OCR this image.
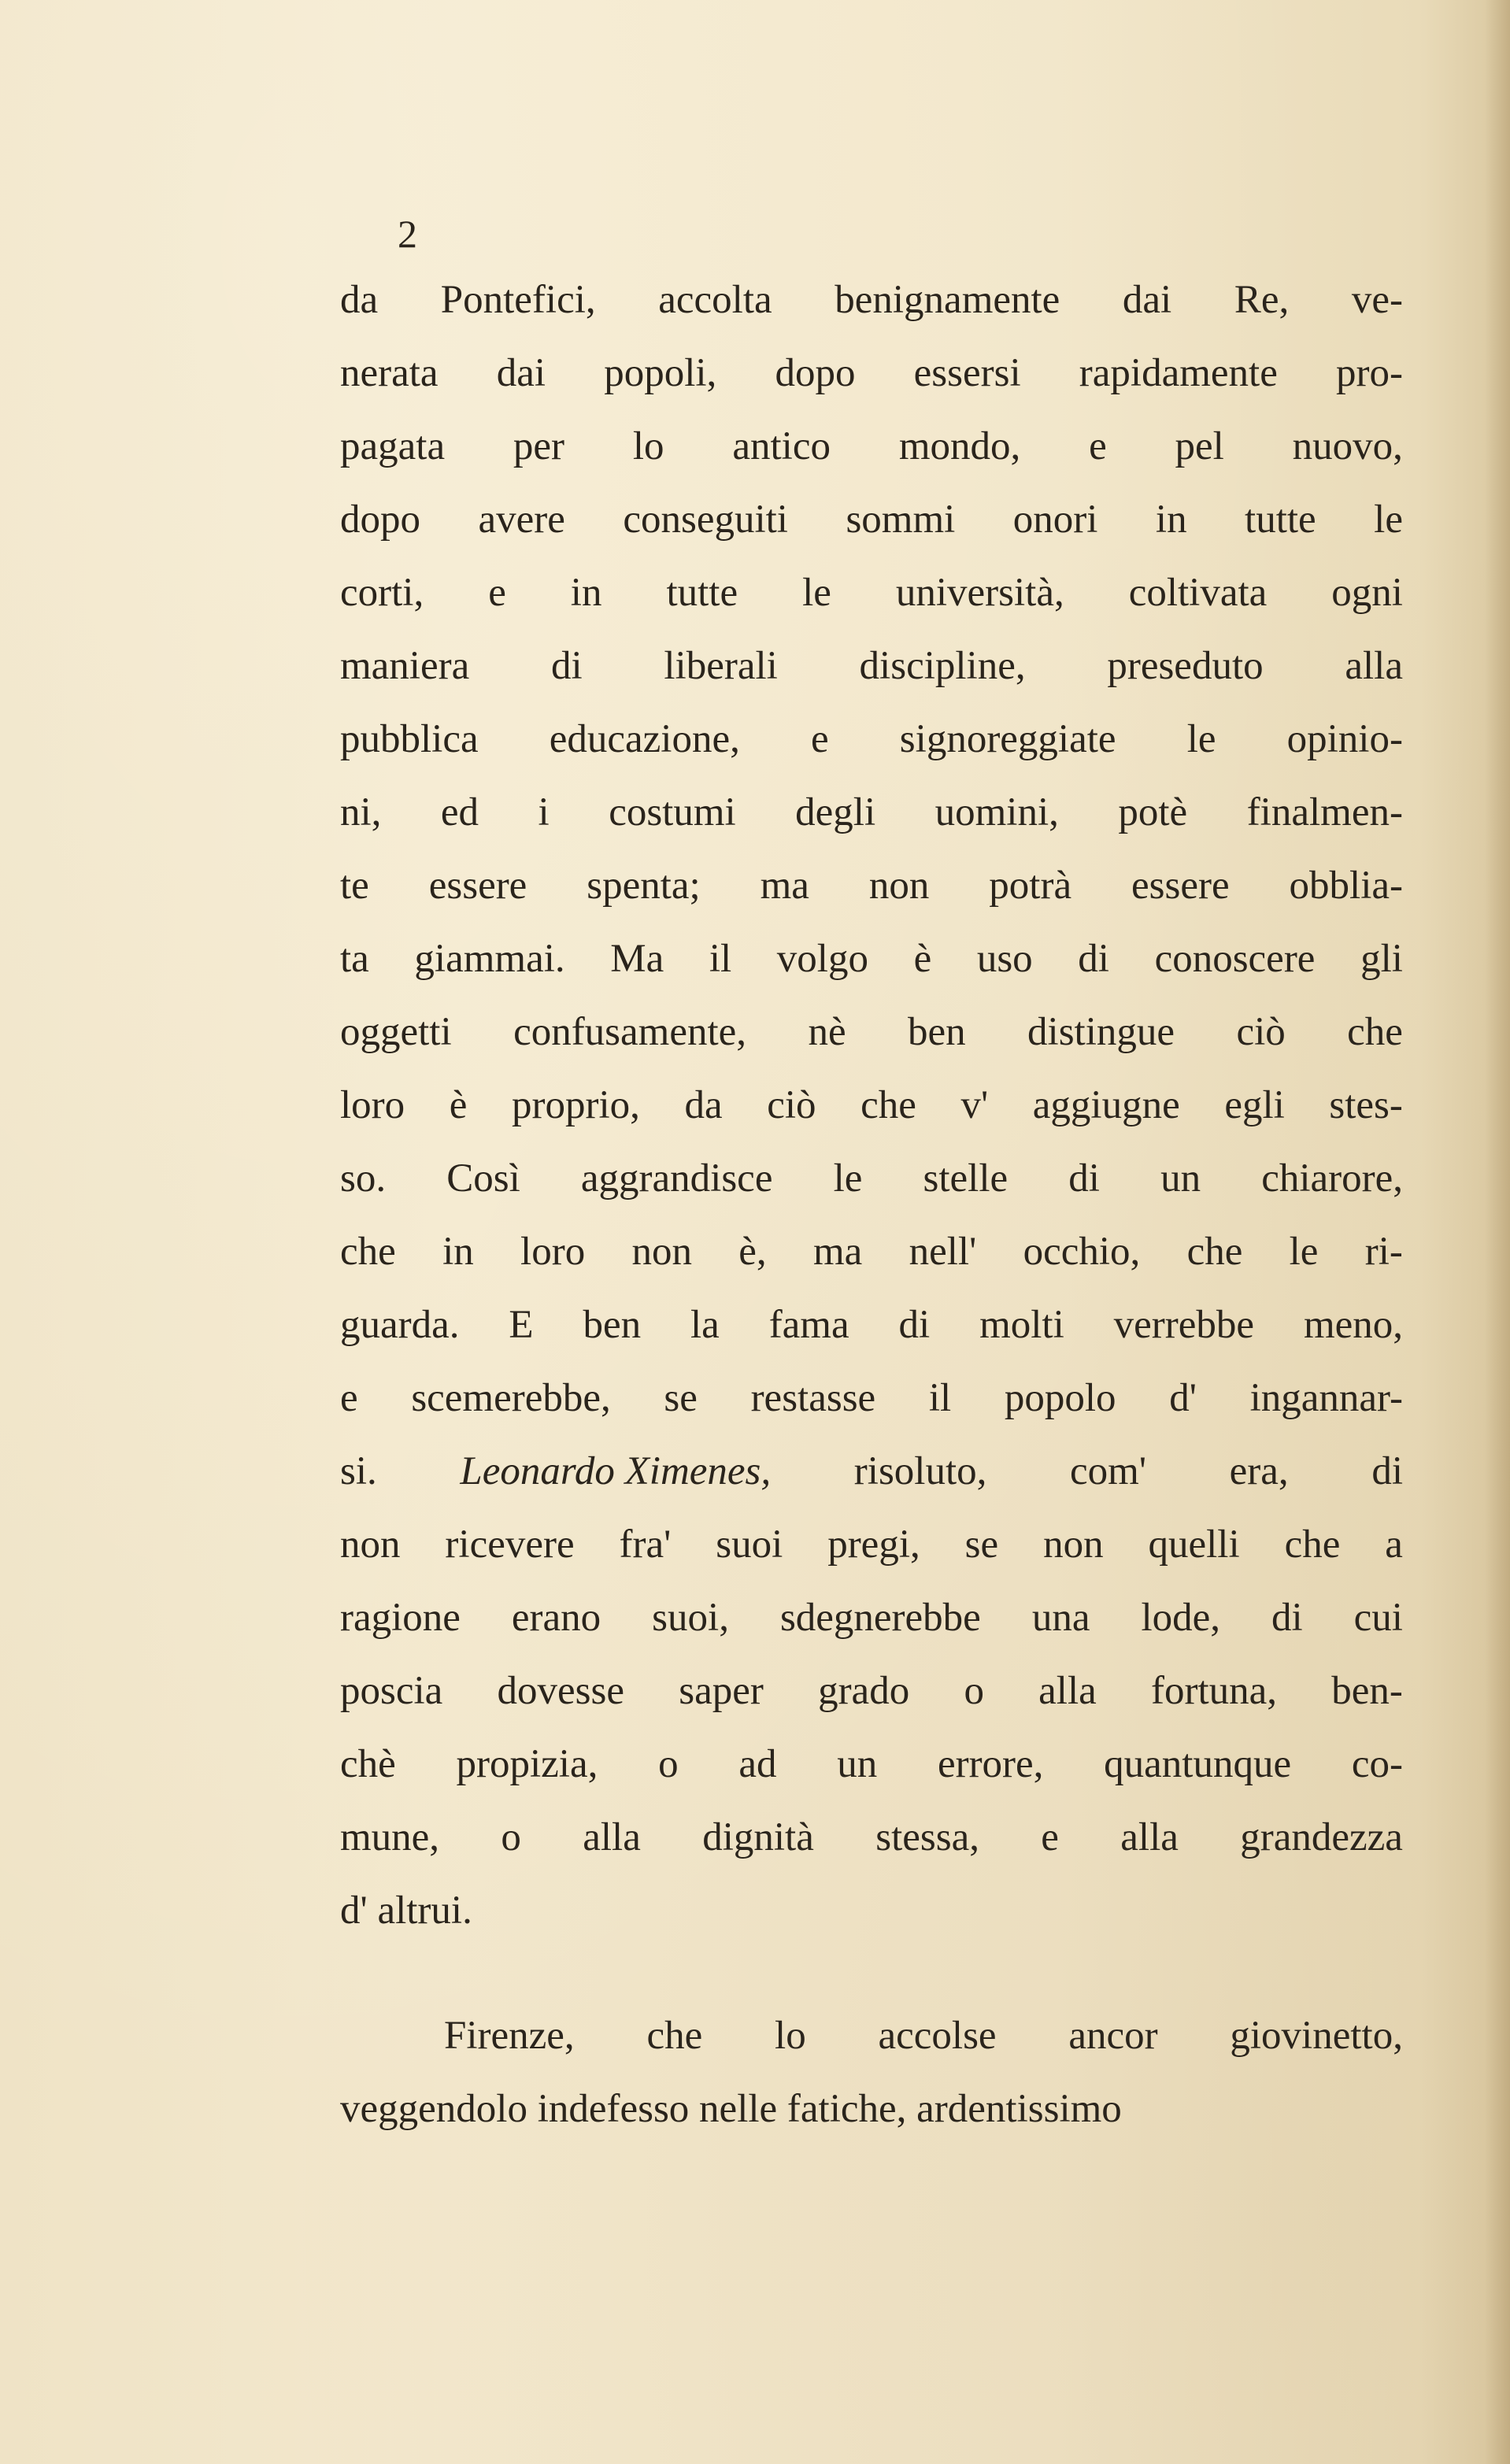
2
da Pontefici, accolta benignamente dai Re, ve-
nerata dai popoli, dopo essersi rapidamente pro-
pagata per lo antico mondo, e pel nuovo,
dopo avere conseguiti sommi onori in tutte le
corti, e in tutte le università, coltivata ogni
maniera di liberali discipline, preseduto alla
pubblica educazione, e signoreggiate le opinio-
ni, ed i costumi degli uomini, potè finalmen-
te essere spenta; ma non potrà essere obblia-
ta giammai. Ma il volgo è uso di conoscere gli
oggetti confusamente, nè ben distingue ciò che
loro è proprio, da ciò che v' aggiugne egli stes-
so. Così aggrandisce le stelle di un chiarore,
che in loro non è, ma nell' occhio, che le ri-
guarda. E ben la fama di molti verrebbe meno,
e scemerebbe, se restasse il popolo d' ingannar-
si. Leonardo Ximenes, risoluto, com' era, di
non ricevere fra' suoi pregi, se non quelli che a
ragione erano suoi, sdegnerebbe una lode, di cui
poscia dovesse saper grado o alla fortuna, ben-
chè propizia, o ad un errore, quantunque co-
mune, o alla dignità stessa, e alla grandezza
d' altrui.
Firenze, che lo accolse ancor giovinetto,
veggendolo indefesso nelle fatiche, ardentissimo
